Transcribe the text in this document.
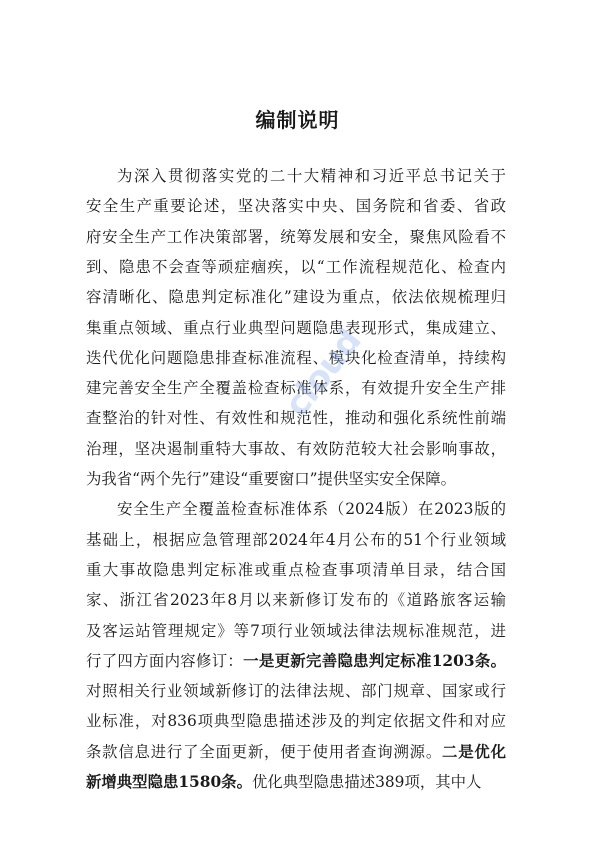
编制说明
为深入贯彻落实党的二十大精神和习近平总书记关于
安全生产重要论述，坚决落实中央、国务院和省委、省政
府安全生产工作决策部署，统筹发展和安全，聚焦风险看不
到、隐患不会查等顽症痼疾，以“工作流程规范化、检查内
容清晰化、隐患判定标准化”建设为重点，依法依规梳理归
集重点领域、重点行业典型问题隐患表现形式，集成建立、
迭代优化问题隐患排查标准流程、模块化检查清单，持续构
建完善安全生产全覆盖检查标准体系，有效提升安全生产排
查整治的针对性、有效性和规范性，推动和强化系统性前端
治理，坚决遏制重特大事故、有效防范较大社会影响事故，
为我省“两个先行”建设“重要窗口”提供坚实安全保障。
安全生产全覆盖检查标准体系（2024版）在2023版的
基础上，根据应急管理部2024年4月公布的51个行业领域
重大事故隐患判定标准或重点检查事项清单目录，结合国
家、浙江省2023年8月以来新修订发布的《道路旅客运输
及客运站管理规定》等7项行业领域法律法规标准规范，进
行了四方面内容修订：一是更新完善隐患判定标准1203条。
对照相关行业领域新修订的法律法规、部门规章、国家或行
业标准，对836项典型隐患描述涉及的判定依据文件和对应
条款信息进行了全面更新，便于使用者查询溯源。二是优化
新增典型隐患1580条。优化典型隐患描述389项，其中人
cloud
